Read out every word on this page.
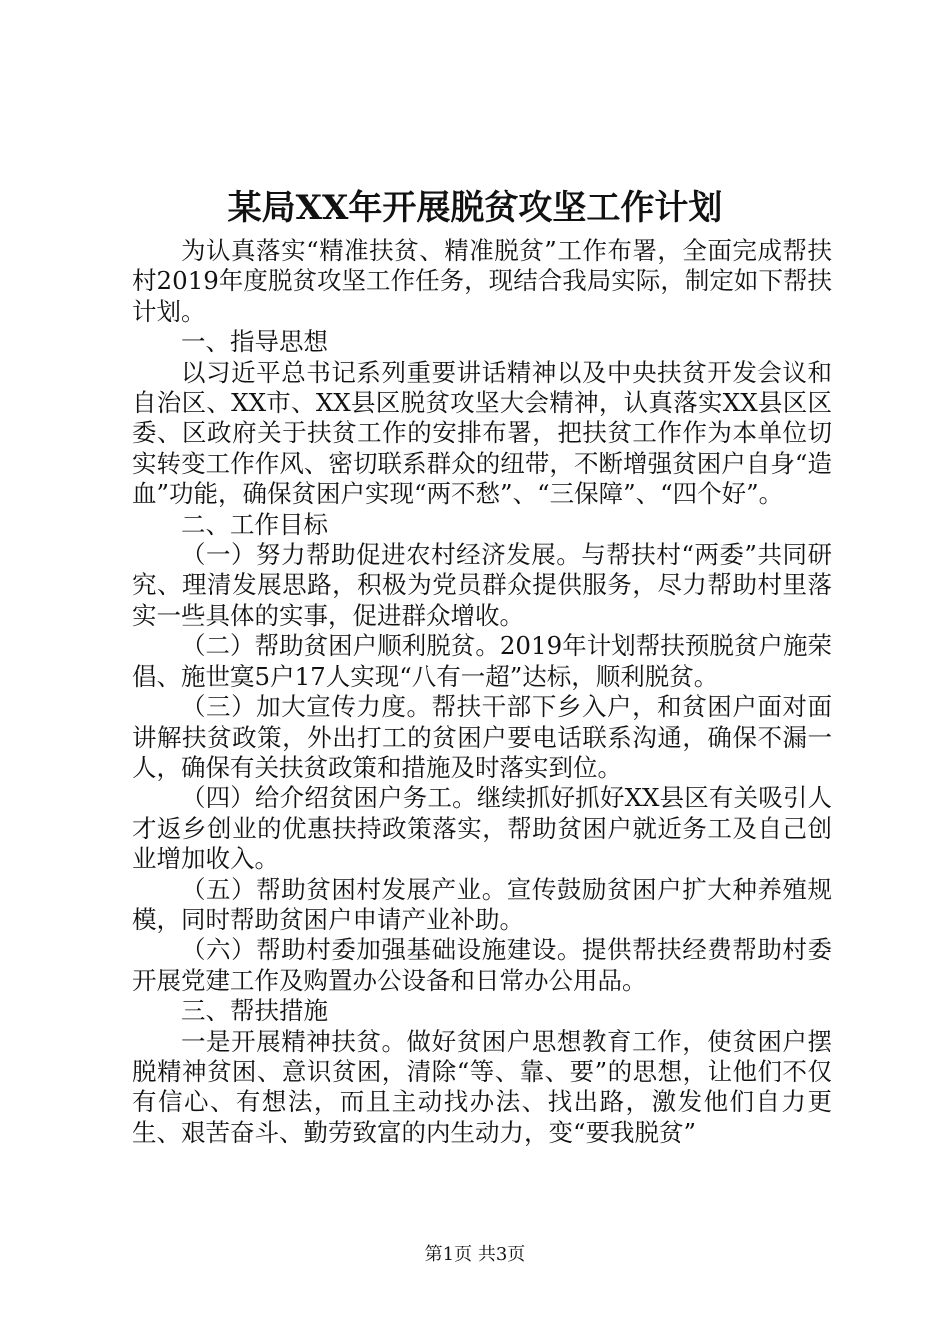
某局XX年开展脱贫攻坚工作计划

为认真落实“精准扶贫、精准脱贫”工作布署，全面完成帮扶村2019年度脱贫攻坚工作任务，现结合我局实际，制定如下帮扶计划。

一、指导思想

以习近平总书记系列重要讲话精神以及中央扶贫开发会议和自治区、XX市、XX县区脱贫攻坚大会精神，认真落实XX县区区委、区政府关于扶贫工作的安排布署，把扶贫工作作为本单位切实转变工作作风、密切联系群众的纽带，不断增强贫困户自身“造血”功能，确保贫困户实现“两不愁”、“三保障”、“四个好”。

二、工作目标

（一）努力帮助促进农村经济发展。与帮扶村“两委”共同研究、理清发展思路，积极为党员群众提供服务，尽力帮助村里落实一些具体的实事，促进群众增收。

（二）帮助贫困户顺利脱贫。2019年计划帮扶预脱贫户施荣倡、施世寞5户17人实现“八有一超”达标，顺利脱贫。

（三）加大宣传力度。帮扶干部下乡入户，和贫困户面对面讲解扶贫政策，外出打工的贫困户要电话联系沟通，确保不漏一人，确保有关扶贫政策和措施及时落实到位。

（四）给介绍贫困户务工。继续抓好抓好XX县区有关吸引人才返乡创业的优惠扶持政策落实，帮助贫困户就近务工及自己创业增加收入。

（五）帮助贫困村发展产业。宣传鼓励贫困户扩大种养殖规模，同时帮助贫困户申请产业补助。

（六）帮助村委加强基础设施建设。提供帮扶经费帮助村委开展党建工作及购置办公设备和日常办公用品。

三、帮扶措施

一是开展精神扶贫。做好贫困户思想教育工作，使贫困户摆脱精神贫困、意识贫困，清除“等、靠、要”的思想，让他们不仅有信心、有想法，而且主动找办法、找出路，激发他们自力更生、艰苦奋斗、勤劳致富的内生动力，变“要我脱贫”

第1页 共3页
